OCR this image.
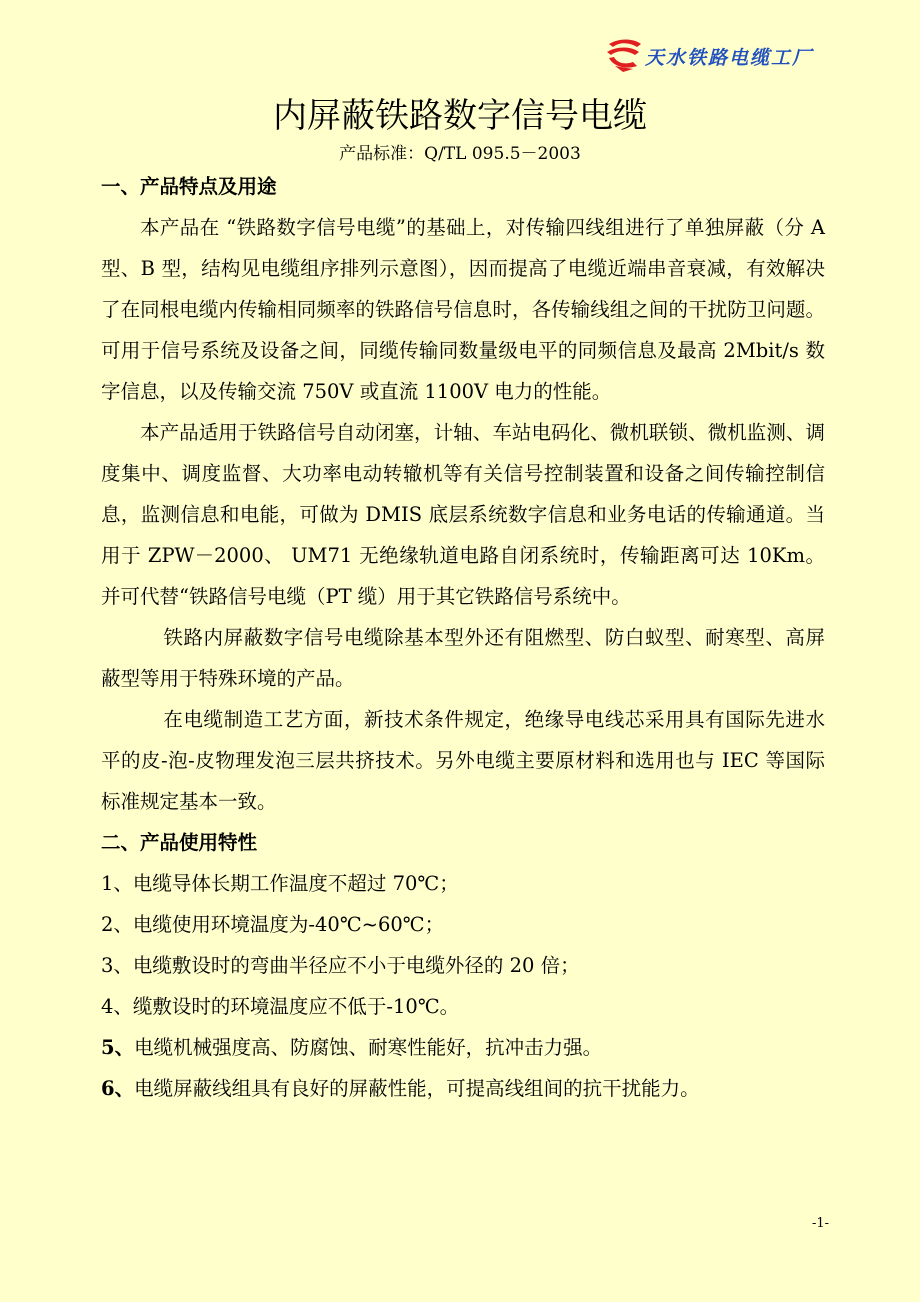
天水铁路电缆工厂
内屏蔽铁路数字信号电缆
产品标准：Q/TL 095.5－2003

一、产品特点及用途

本产品在 “铁路数字信号电缆”的基础上，对传输四线组进行了单独屏蔽（分 A 型、B 型，结构见电缆组序排列示意图），因而提高了电缆近端串音衰减，有效解决了在同根电缆内传输相同频率的铁路信号信息时，各传输线组之间的干扰防卫问题。可用于信号系统及设备之间，同缆传输同数量级电平的同频信息及最高 2Mbit/s 数字信息，以及传输交流 750V 或直流 1100V 电力的性能。

本产品适用于铁路信号自动闭塞，计轴、车站电码化、微机联锁、微机监测、调度集中、调度监督、大功率电动转辙机等有关信号控制装置和设备之间传输控制信息，监测信息和电能，可做为 DMIS 底层系统数字信息和业务电话的传输通道。当用于 ZPW－2000、 UM71 无绝缘轨道电路自闭系统时，传输距离可达 10Km。并可代替“铁路信号电缆（PT 缆）用于其它铁路信号系统中。

铁路内屏蔽数字信号电缆除基本型外还有阻燃型、防白蚁型、耐寒型、高屏蔽型等用于特殊环境的产品。

在电缆制造工艺方面，新技术条件规定，绝缘导电线芯采用具有国际先进水平的皮-泡-皮物理发泡三层共挤技术。另外电缆主要原材料和选用也与 IEC 等国际标准规定基本一致。

二、产品使用特性

1、电缆导体长期工作温度不超过 70℃；

2、电缆使用环境温度为-40℃~60℃；

3、电缆敷设时的弯曲半径应不小于电缆外径的 20 倍；

4、缆敷设时的环境温度应不低于-10℃。

5、电缆机械强度高、防腐蚀、耐寒性能好，抗冲击力强。

6、电缆屏蔽线组具有良好的屏蔽性能，可提高线组间的抗干扰能力。

-1-
